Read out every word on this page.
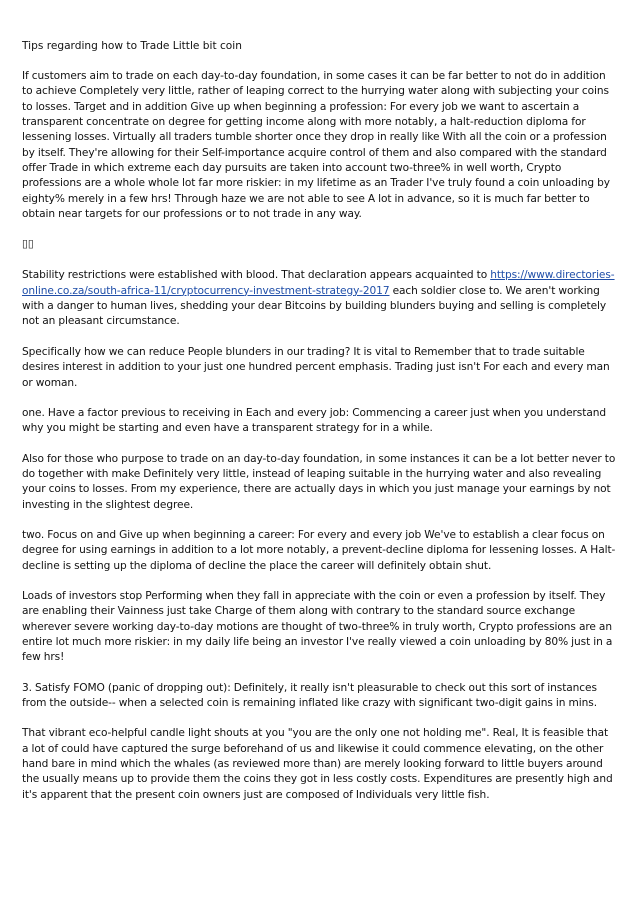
Tips regarding how to Trade Little bit coin
If customers aim to trade on each day-to-day foundation, in some cases it can be far better to not do in addition to achieve Completely very little, rather of leaping correct to the hurrying water along with subjecting your coins to losses. Target and in addition Give up when beginning a profession: For every job we want to ascertain a transparent concentrate on degree for getting income along with more notably, a halt-reduction diploma for lessening losses. Virtually all traders tumble shorter once they drop in really like With all the coin or a profession by itself. They're allowing for their Self-importance acquire control of them and also compared with the standard offer Trade in which extreme each day pursuits are taken into account two-three% in well worth, Crypto professions are a whole whole lot far more riskier: in my lifetime as an Trader I've truly found a coin unloading by eighty% merely in a few hrs! Through haze we are not able to see A lot in advance, so it is much far better to obtain near targets for our professions or to not trade in any way.
▯▯
Stability restrictions were established with blood. That declaration appears acquainted to https://www.directories-online.co.za/south-africa-11/cryptocurrency-investment-strategy-2017 each soldier close to. We aren't working with a danger to human lives, shedding your dear Bitcoins by building blunders buying and selling is completely not an pleasant circumstance.
Specifically how we can reduce People blunders in our trading? It is vital to Remember that to trade suitable desires interest in addition to your just one hundred percent emphasis. Trading just isn't For each and every man or woman.
one. Have a factor previous to receiving in Each and every job: Commencing a career just when you understand why you might be starting and even have a transparent strategy for in a while.
Also for those who purpose to trade on an day-to-day foundation, in some instances it can be a lot better never to do together with make Definitely very little, instead of leaping suitable in the hurrying water and also revealing your coins to losses. From my experience, there are actually days in which you just manage your earnings by not investing in the slightest degree.
two. Focus on and Give up when beginning a career: For every and every job We've to establish a clear focus on degree for using earnings in addition to a lot more notably, a prevent-decline diploma for lessening losses. A Halt-decline is setting up the diploma of decline the place the career will definitely obtain shut.
Loads of investors stop Performing when they fall in appreciate with the coin or even a profession by itself. They are enabling their Vainness just take Charge of them along with contrary to the standard source exchange wherever severe working day-to-day motions are thought of two-three% in truly worth, Crypto professions are an entire lot much more riskier: in my daily life being an investor I've really viewed a coin unloading by 80% just in a few hrs!
3. Satisfy FOMO (panic of dropping out): Definitely, it really isn't pleasurable to check out this sort of instances from the outside-- when a selected coin is remaining inflated like crazy with significant two-digit gains in mins.
That vibrant eco-helpful candle light shouts at you "you are the only one not holding me". Real, It is feasible that a lot of could have captured the surge beforehand of us and likewise it could commence elevating, on the other hand bare in mind which the whales (as reviewed more than) are merely looking forward to little buyers around the usually means up to provide them the coins they got in less costly costs. Expenditures are presently high and it's apparent that the present coin owners just are composed of Individuals very little fish.
